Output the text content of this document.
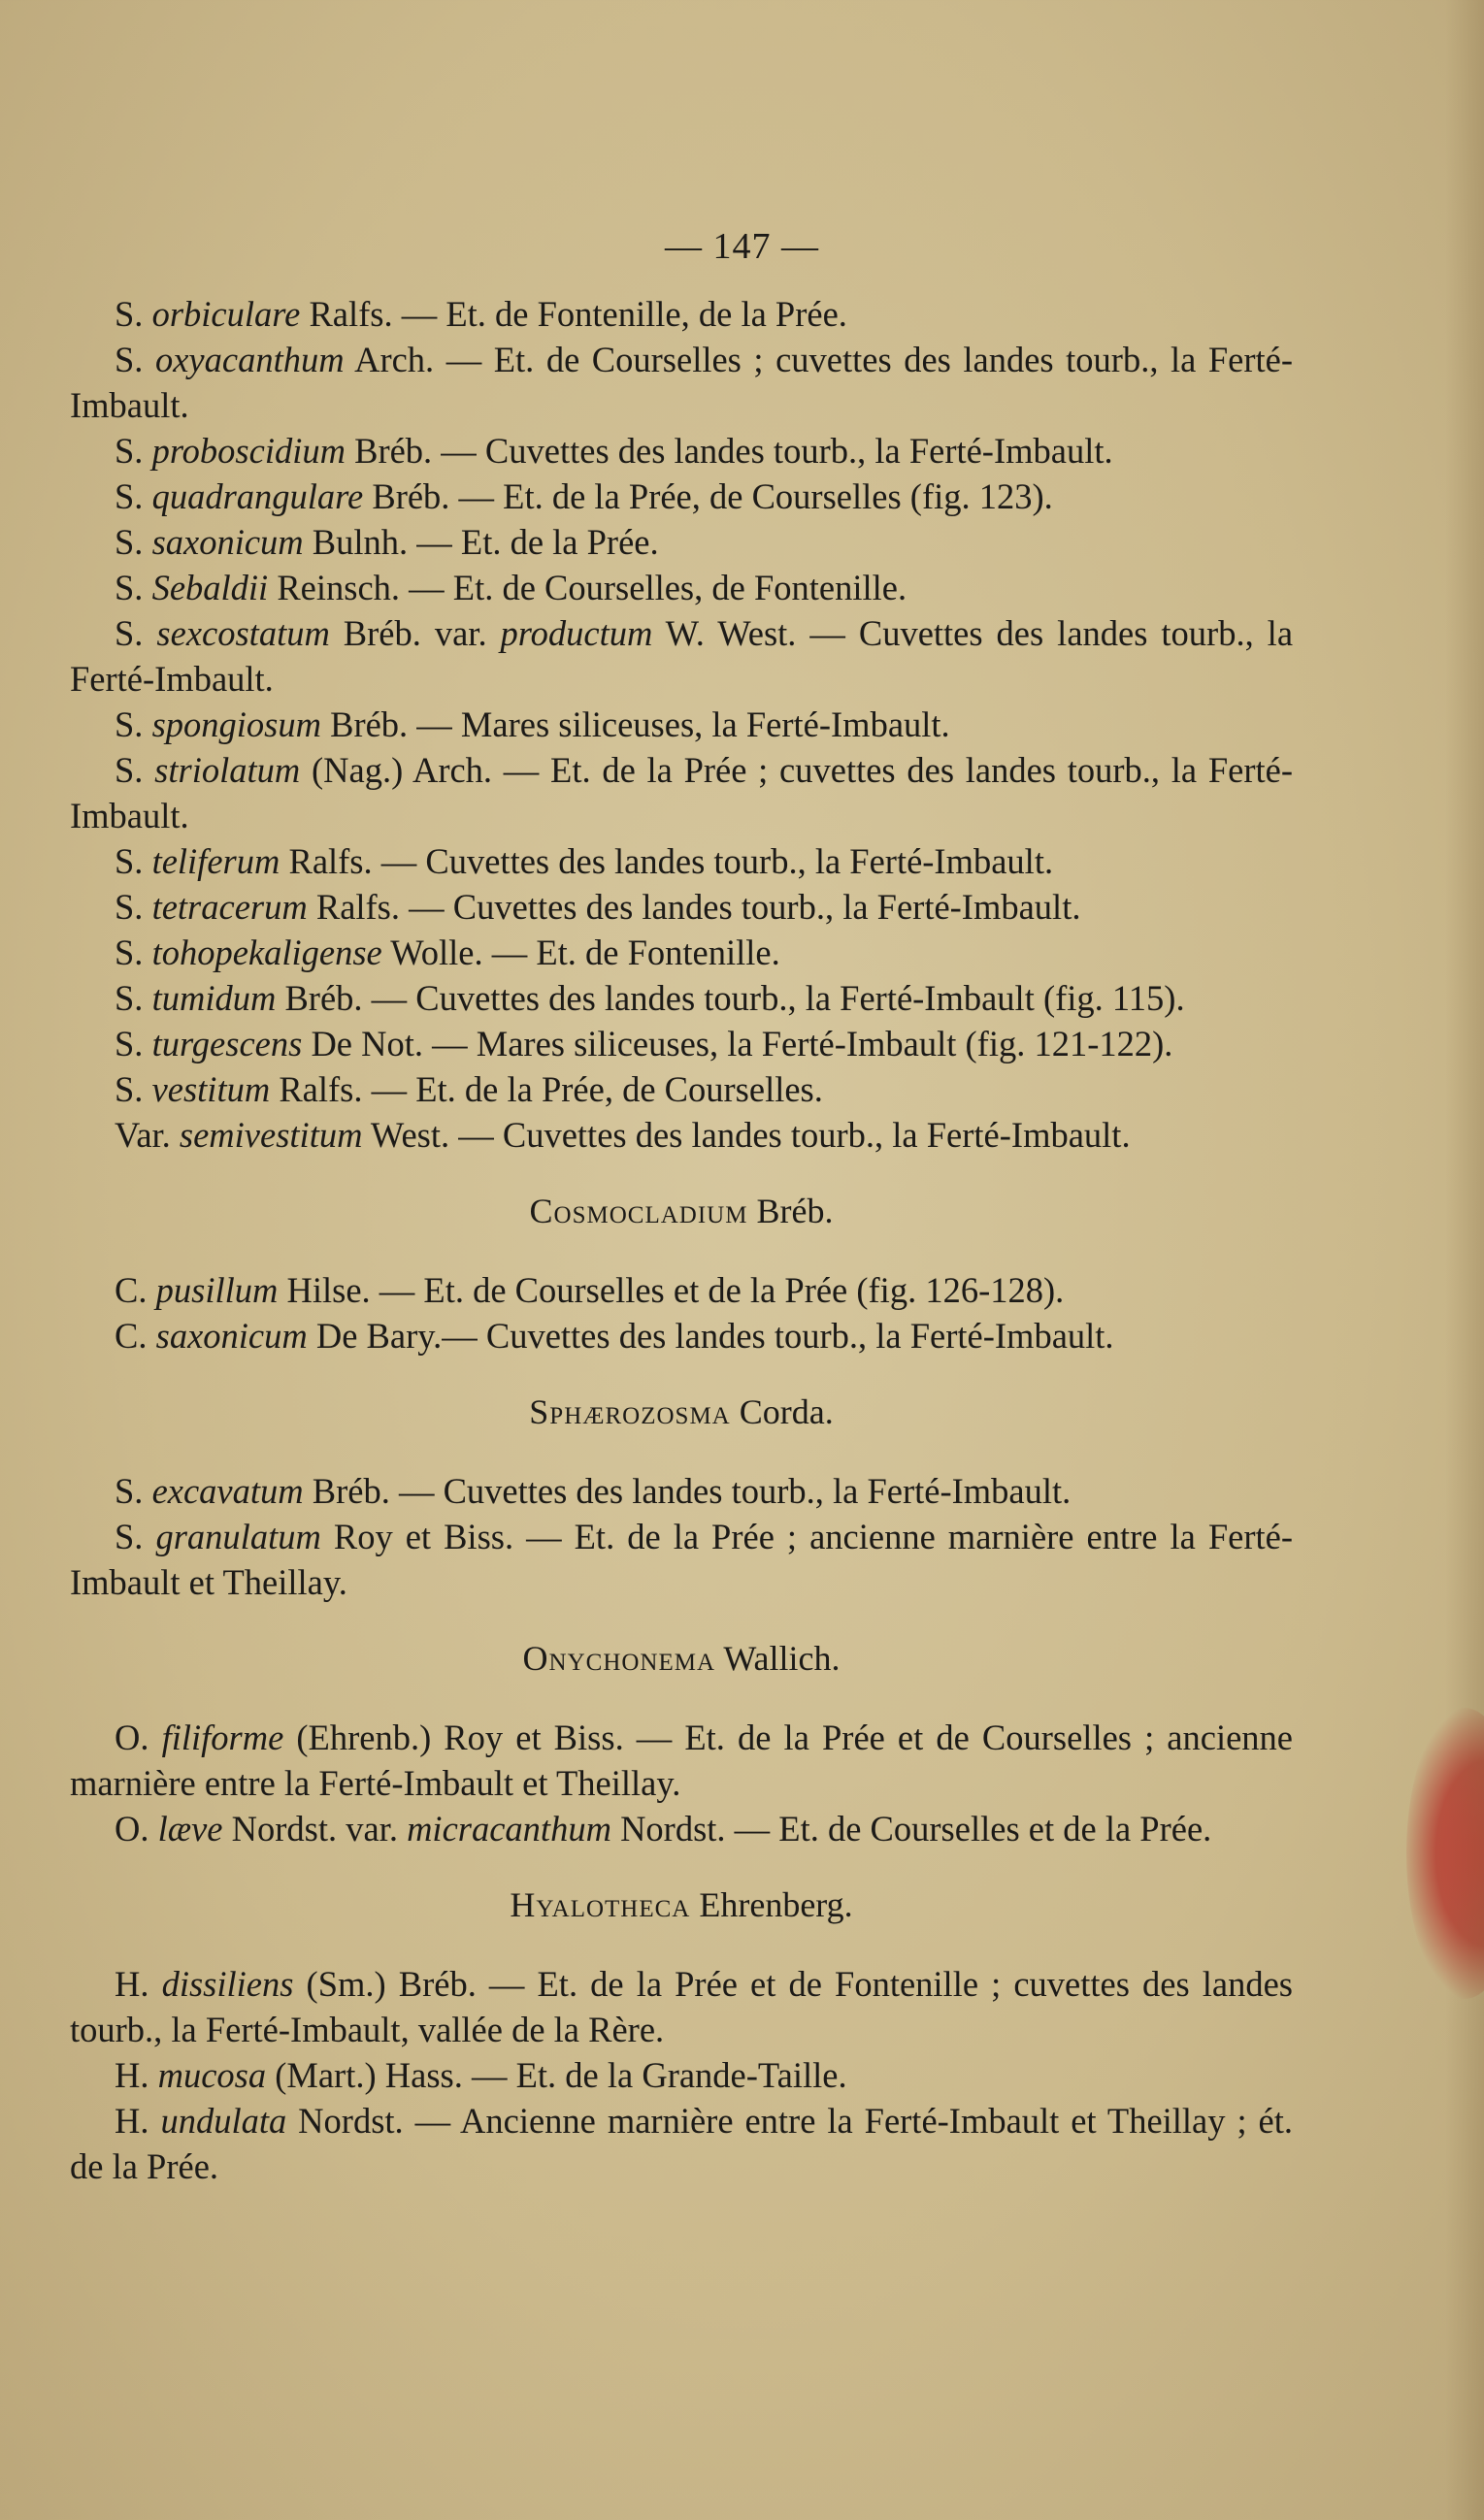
— 147 —

S. orbiculare Ralfs. — Et. de Fontenille, de la Prée.

S. oxyacanthum Arch. — Et. de Courselles ; cuvettes des landes tourb., la Ferté-Imbault.

S. proboscidium Bréb. — Cuvettes des landes tourb., la Ferté-Imbault.

S. quadrangulare Bréb. — Et. de la Prée, de Courselles (fig. 123).

S. saxonicum Bulnh. — Et. de la Prée.

S. Sebaldii Reinsch. — Et. de Courselles, de Fontenille.

S. sexcostatum Bréb. var. productum W. West. — Cuvettes des landes tourb., la Ferté-Imbault.

S. spongiosum Bréb. — Mares siliceuses, la Ferté-Imbault.

S. striolatum (Nag.) Arch. — Et. de la Prée ; cuvettes des landes tourb., la Ferté-Imbault.

S. teliferum Ralfs. — Cuvettes des landes tourb., la Ferté-Imbault.

S. tetracerum Ralfs. — Cuvettes des landes tourb., la Ferté-Imbault.

S. tohopekaligense Wolle. — Et. de Fontenille.

S. tumidum Bréb. — Cuvettes des landes tourb., la Ferté-Imbault (fig. 115).

S. turgescens De Not. — Mares siliceuses, la Ferté-Imbault (fig. 121-122).

S. vestitum Ralfs. — Et. de la Prée, de Courselles.

Var. semivestitum West. — Cuvettes des landes tourb., la Ferté-Imbault.

Cosmocladium Bréb.

C. pusillum Hilse. — Et. de Courselles et de la Prée (fig. 126-128).

C. saxonicum De Bary.— Cuvettes des landes tourb., la Ferté-Imbault.

Sphærozosma Corda.

S. excavatum Bréb. — Cuvettes des landes tourb., la Ferté-Imbault.

S. granulatum Roy et Biss. — Et. de la Prée ; ancienne marnière entre la Ferté-Imbault et Theillay.

Onychonema Wallich.

O. filiforme (Ehrenb.) Roy et Biss. — Et. de la Prée et de Courselles ; ancienne marnière entre la Ferté-Imbault et Theillay.

O. læve Nordst. var. micracanthum Nordst. — Et. de Courselles et de la Prée.

Hyalotheca Ehrenberg.

H. dissiliens (Sm.) Bréb. — Et. de la Prée et de Fontenille ; cuvettes des landes tourb., la Ferté-Imbault, vallée de la Rère.

H. mucosa (Mart.) Hass. — Et. de la Grande-Taille.

H. undulata Nordst. — Ancienne marnière entre la Ferté-Imbault et Theillay ; ét. de la Prée.
